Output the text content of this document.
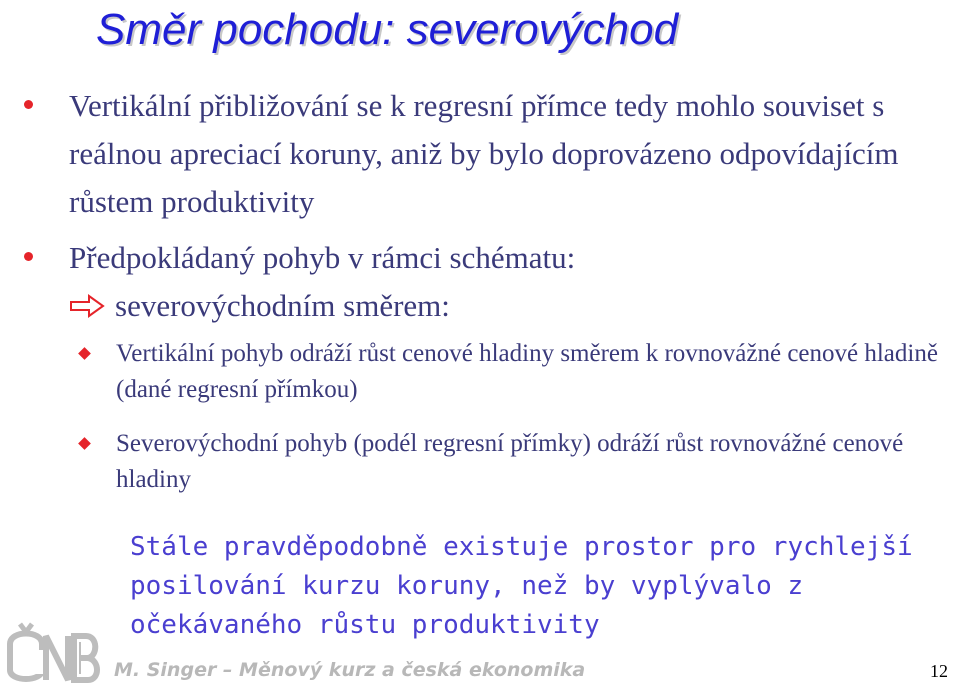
Směr pochodu: severovýchod
Vertikální přibližování se k regresní přímce tedy mohlo souviset s reálnou apreciací koruny, aniž by bylo doprovázeno odpovídajícím růstem produktivity
Předpokládaný pohyb v rámci schématu:
severovýchodním směrem:
Vertikální pohyb odráží růst cenové hladiny směrem k rovnovážné cenové hladině (dané regresní přímkou)
Severovýchodní pohyb (podél regresní přímky) odráží růst rovnovážné cenové hladiny
Stále pravděpodobně existuje prostor pro rychlejší posilování kurzu koruny, než by vyplývalo z očekávaného růstu produktivity
M. Singer – Měnový kurz a česká ekonomika	12
